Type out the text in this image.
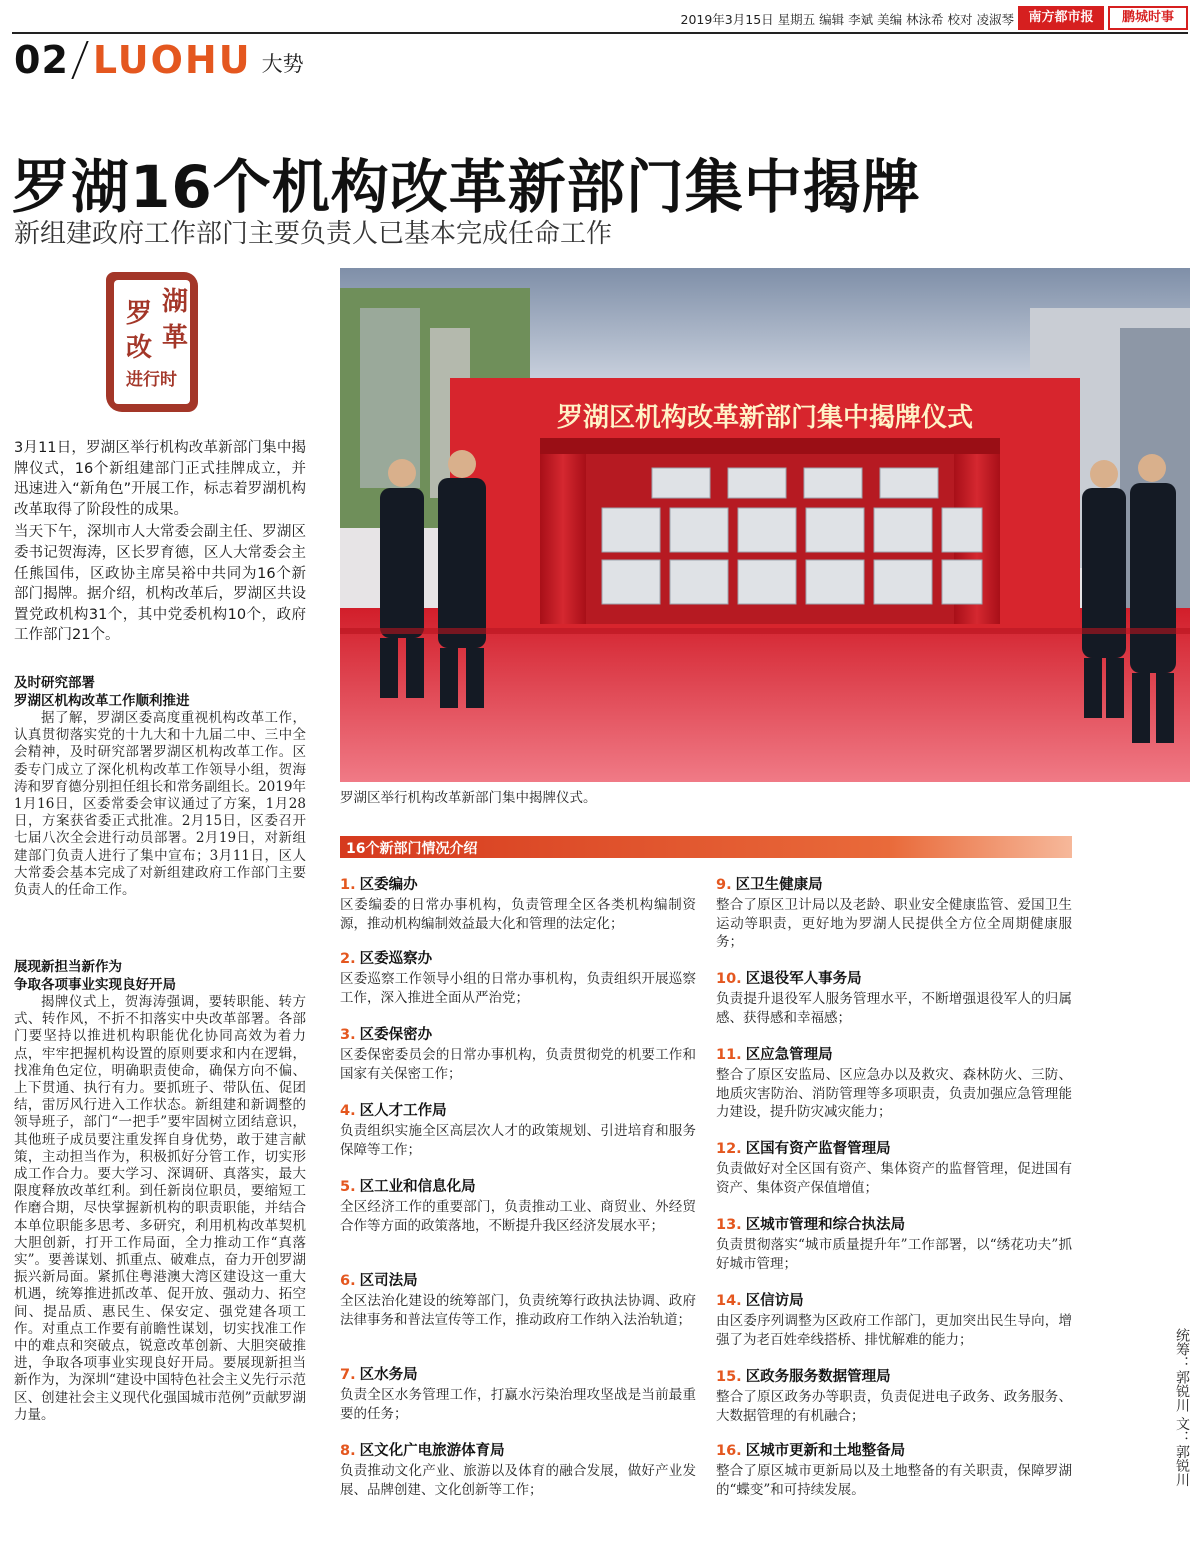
2019年3月15日 星期五 编辑 李斌 美编 林泳希 校对 凌淑琴	南方都市报	鹏城时事
02 LUOHU 大势
罗湖16个机构改革新部门集中揭牌
新组建政府工作部门主要负责人已基本完成任命工作
湖
罗
革
改
进行时
罗湖区机构改革新部门集中揭牌仪式
罗湖区举行机构改革新部门集中揭牌仪式。

3月11日，罗湖区举行机构改革新部门集中揭牌仪式，16个新组建部门正式挂牌成立，并迅速进入“新角色”开展工作，标志着罗湖机构改革取得了阶段性的成果。

当天下午，深圳市人大常委会副主任、罗湖区委书记贺海涛，区长罗育德，区人大常委会主任熊国伟，区政协主席吴裕中共同为16个新部门揭牌。据介绍，机构改革后，罗湖区共设置党政机构31个，其中党委机构10个，政府工作部门21个。

及时研究部署
罗湖区机构改革工作顺利推进
据了解，罗湖区委高度重视机构改革工作，认真贯彻落实党的十九大和十九届二中、三中全会精神，及时研究部署罗湖区机构改革工作。区委专门成立了深化机构改革工作领导小组，贺海涛和罗育德分别担任组长和常务副组长。2019年1月16日，区委常委会审议通过了方案，1月28日，方案获省委正式批准。2月15日，区委召开七届八次全会进行动员部署。2月19日，对新组建部门负责人进行了集中宣布；3月11日，区人大常委会基本完成了对新组建政府工作部门主要负责人的任命工作。
展现新担当新作为
争取各项事业实现良好开局
揭牌仪式上，贺海涛强调，要转职能、转方式、转作风，不折不扣落实中央改革部署。各部门要坚持以推进机构职能优化协同高效为着力点，牢牢把握机构设置的原则要求和内在逻辑，找准角色定位，明确职责使命，确保方向不偏、上下贯通、执行有力。要抓班子、带队伍、促团结，雷厉风行进入工作状态。新组建和新调整的领导班子，部门“一把手”要牢固树立团结意识，其他班子成员要注重发挥自身优势，敢于建言献策，主动担当作为，积极抓好分管工作，切实形成工作合力。要大学习、深调研、真落实，最大限度释放改革红利。到任新岗位职员，要缩短工作磨合期，尽快掌握新机构的职责职能，并结合本单位职能多思考、多研究，利用机构改革契机大胆创新，打开工作局面，全力推动工作“真落实”。要善谋划、抓重点、破难点，奋力开创罗湖振兴新局面。紧抓住粤港澳大湾区建设这一重大机遇，统筹推进抓改革、促开放、强动力、拓空间、提品质、惠民生、保安定、强党建各项工作。对重点工作要有前瞻性谋划，切实找准工作中的难点和突破点，锐意改革创新、大胆突破推进，争取各项事业实现良好开局。要展现新担当新作为，为深圳“建设中国特色社会主义先行示范区、创建社会主义现代化强国城市范例”贡献罗湖力量。
16个新部门情况介绍
1. 区委编办
区委编委的日常办事机构，负责管理全区各类机构编制资源，推动机构编制效益最大化和管理的法定化；
2. 区委巡察办
区委巡察工作领导小组的日常办事机构，负责组织开展巡察工作，深入推进全面从严治党；
3. 区委保密办
区委保密委员会的日常办事机构，负责贯彻党的机要工作和国家有关保密工作；
4. 区人才工作局
负责组织实施全区高层次人才的政策规划、引进培育和服务保障等工作；
5. 区工业和信息化局
全区经济工作的重要部门，负责推动工业、商贸业、外经贸合作等方面的政策落地，不断提升我区经济发展水平；
6. 区司法局
全区法治化建设的统筹部门，负责统筹行政执法协调、政府法律事务和普法宣传等工作，推动政府工作纳入法治轨道；
7. 区水务局
负责全区水务管理工作，打赢水污染治理攻坚战是当前最重要的任务；
8. 区文化广电旅游体育局
负责推动文化产业、旅游以及体育的融合发展，做好产业发展、品牌创建、文化创新等工作；
9. 区卫生健康局
整合了原区卫计局以及老龄、职业安全健康监管、爱国卫生运动等职责，更好地为罗湖人民提供全方位全周期健康服务；
10. 区退役军人事务局
负责提升退役军人服务管理水平，不断增强退役军人的归属感、获得感和幸福感；
11. 区应急管理局
整合了原区安监局、区应急办以及救灾、森林防火、三防、地质灾害防治、消防管理等多项职责，负责加强应急管理能力建设，提升防灾减灾能力；
12. 区国有资产监督管理局
负责做好对全区国有资产、集体资产的监督管理，促进国有资产、集体资产保值增值；
13. 区城市管理和综合执法局
负责贯彻落实“城市质量提升年”工作部署，以“绣花功夫”抓好城市管理；
14. 区信访局
由区委序列调整为区政府工作部门，更加突出民生导向，增强了为老百姓牵线搭桥、排忧解难的能力；
15. 区政务服务数据管理局
整合了原区政务办等职责，负责促进电子政务、政务服务、大数据管理的有机融合；
16. 区城市更新和土地整备局
整合了原区城市更新局以及土地整备的有关职责，保障罗湖的“蝶变”和可持续发展。
统筹：郭锐川 文：郭锐川
